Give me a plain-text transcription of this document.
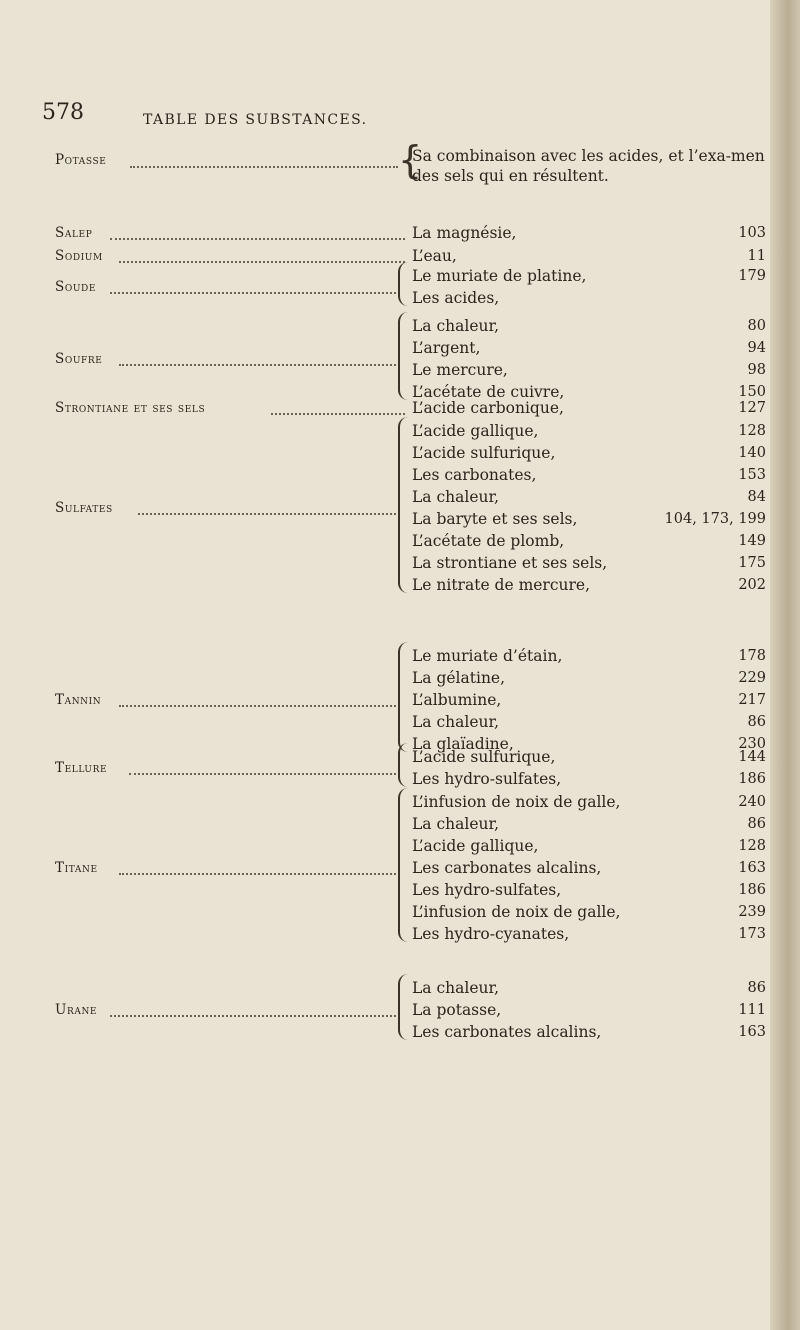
578	TABLE DES SUBSTANCES.
Potasse	{
Sa combinaison avec les acides, et l’exa-men des sels qui en résultent.
Salep	La magnésie,	103
Sodium	L’eau,	11
Soude
Le muriate de platine,	179
Les acides,
Soufre
La chaleur,	80
L’argent,	94
Le mercure,	98
L’acétate de cuivre,	150
Strontiane et ses sels	L’acide carbonique,	127
Sulfates
L’acide gallique,	128
L’acide sulfurique,	140
Les carbonates,	153
La chaleur,	84
La baryte et ses sels,	104, 173, 199
L’acétate de plomb,	149
La strontiane et ses sels,	175
Le nitrate de mercure,	202
Tannin
Le muriate d’étain,	178
La gélatine,	229
L’albumine,	217
La chaleur,	86
La glaïadine,	230
Tellure
L’acide sulfurique,	144
Les hydro-sulfates,	186
Titane
L’infusion de noix de galle,	240
La chaleur,	86
L’acide gallique,	128
Les carbonates alcalins,	163
Les hydro-sulfates,	186
L’infusion de noix de galle,	239
Les hydro-cyanates,	173
Urane
La chaleur,	86
La potasse,	111
Les carbonates alcalins,	163
